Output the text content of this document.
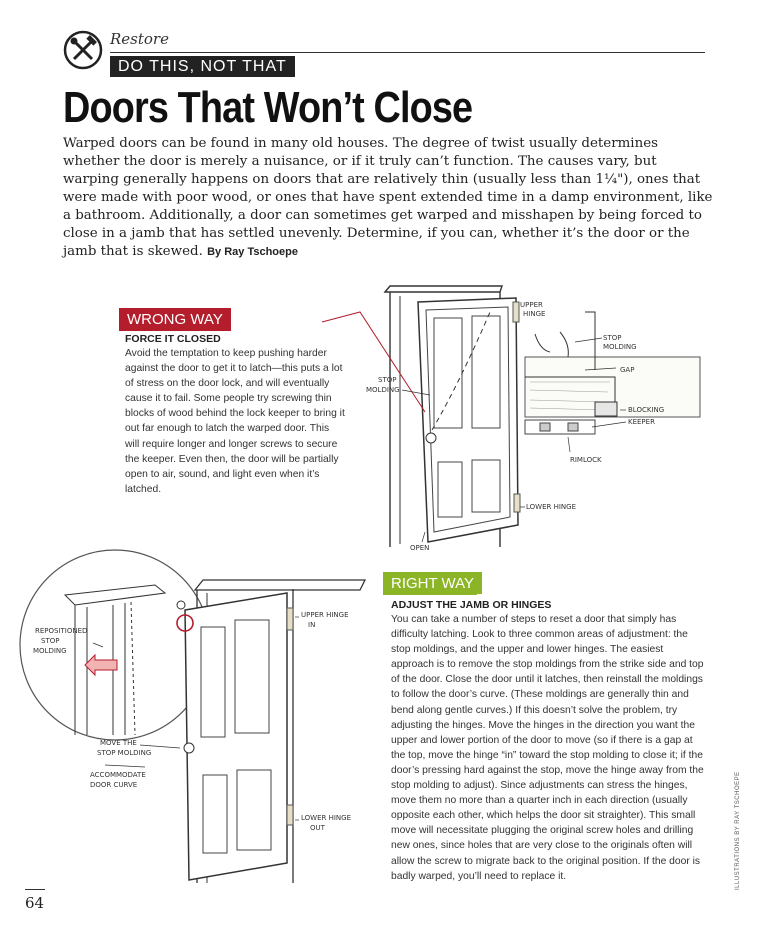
Restore
DO THIS, NOT THAT
Doors That Won’t Close
Warped doors can be found in many old houses. The degree of twist usually determines whether the door is merely a nuisance, or if it truly can’t function. The causes vary, but warping generally happens on doors that are relatively thin (usually less than 1¼"), ones that were made with poor wood, or ones that have spent extended time in a damp environment, like a bathroom. Additionally, a door can sometimes get warped and misshapen by being forced to close in a jamb that has settled unevenly. Determine, if you can, whether it’s the door or the jamb that is skewed. By Ray Tschoepe
UPPER
HINGE
STOP
MOLDING
STOP
MOLDING
GAP
BLOCKING
KEEPER
RIMLOCK
LOWER HINGE
OPEN
WRONG WAY
FORCE IT CLOSED
Avoid the temptation to keep pushing harder against the door to get it to latch—this puts a lot of stress on the door lock, and will eventually cause it to fail. Some people try screwing thin blocks of wood behind the lock keeper to bring it out far enough to latch the warped door. This will require longer and longer screws to secure the keeper. Even then, the door will be partially open to air, sound, and light even when it’s latched.
REPOSITIONED
STOP
MOLDING
UPPER HINGE
IN
MOVE THE
STOP MOLDING
ACCOMMODATE
DOOR CURVE
LOWER HINGE
OUT
RIGHT WAY
ADJUST THE JAMB OR HINGES
You can take a number of steps to reset a door that simply has difficulty latching. Look to three common areas of adjustment: the stop moldings, and the upper and lower hinges. The easiest approach is to remove the stop moldings from the strike side and top of the door. Close the door until it latches, then reinstall the moldings to follow the door’s curve. (These moldings are generally thin and bend along gentle curves.) If this doesn’t solve the problem, try adjusting the hinges. Move the hinges in the direction you want the upper and lower portion of the door to move (so if there is a gap at the top, move the hinge “in” toward the stop molding to close it; if the door’s pressing hard against the stop, move the hinge away from the stop molding to adjust). Since adjustments can stress the hinges, move them no more than a quarter inch in each direction (usually opposite each other, which helps the door sit straighter). This small move will necessitate plugging the original screw holes and drilling new ones, since holes that are very close to the originals often will allow the screw to migrate back to the original position. If the door is badly warped, you’ll need to replace it.	ILLUSTRATIONS BY RAY TSCHOEPE
64
